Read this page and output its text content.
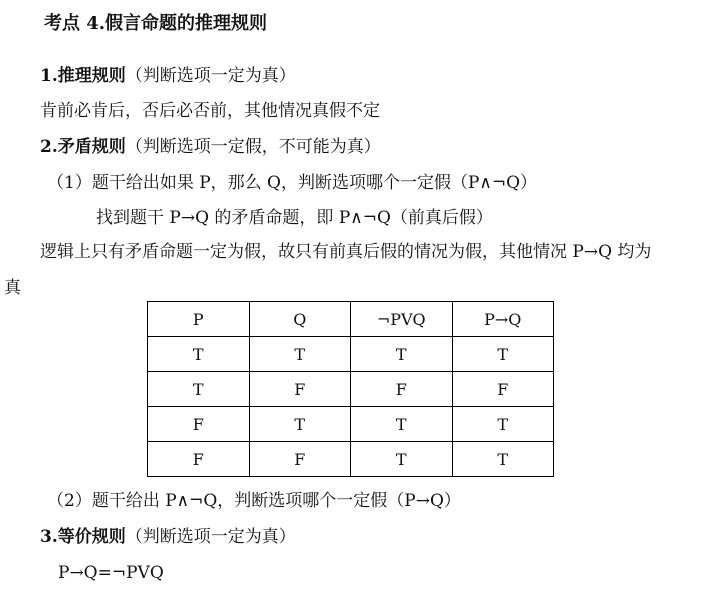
考点 4.假言命题的推理规则
1.推理规则（判断选项一定为真）
肯前必肯后，否后必否前，其他情况真假不定
2.矛盾规则（判断选项一定假，不可能为真）
（1）题干给出如果 P，那么 Q，判断选项哪个一定假（P∧¬Q）
找到题干 P→Q 的矛盾命题，即 P∧¬Q（前真后假）
逻辑上只有矛盾命题一定为假，故只有前真后假的情况为假，其他情况 P→Q 均为
真
P	Q	¬PVQ	P→Q
T	T	T	T
T	F	F	F
F	T	T	T
F	F	T	T
（2）题干给出 P∧¬Q，判断选项哪个一定假（P→Q）
3.等价规则（判断选项一定为真）
P→Q=¬PVQ
